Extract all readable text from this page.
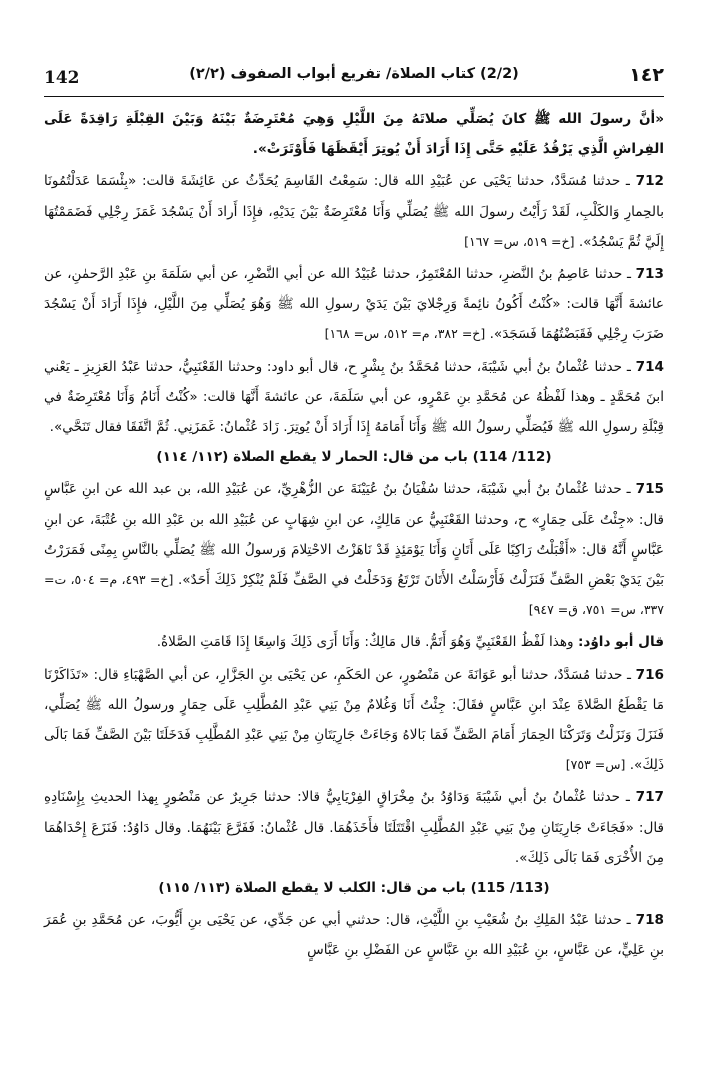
142	(2/2) كتاب الصلاة/ تفريع أبواب الصفوف (٢/٢)	١٤٢

«أنَّ رسولَ الله ﷺ كانَ يُصَلِّي صلاتَهُ مِنَ اللَّيْلِ وَهِيَ مُعْتَرِضَةٌ بَيْنَهُ وَبَيْنَ القِبْلَةِ رَاقِدَةً عَلَى الفِراشِ الَّذِي يَرْقُدُ عَلَيْهِ حَتَّى إِذَا أَرَادَ أَنْ يُوتِرَ أَيْقَظَهَا فَأَوْتَرَتْ».

712 ـ حدثنا مُسَدَّدٌ، حدثنا يَحْيَى عن عُبَيْدِ الله قال: سَمِعْتُ القَاسِمَ يُحَدِّثُ عن عَائِشَةَ قالت: «بِئْسَمَا عَدَلْتُمُونَا بالحِمارِ وَالكَلْبِ، لَقَدْ رَأَيْتُ رسولَ الله ﷺ يُصَلِّي وَأَنَا مُعْتَرِضَةٌ بَيْنَ يَدَيْهِ، فإِذَا أَرادَ أَنْ يَسْجُدَ غَمَزَ رِجْلِي فَضَمَمْتُهَا إِلَيَّ ثُمَّ يَسْجُدُ». [خ= ٥١٩، س= ١٦٧]

713 ـ حدثنا عَاصِمُ بنُ النَّضرِ، حدثنا المُعْتَمِرُ، حدثنا عُبَيْدُ الله عن أبي النَّضْرِ، عن أبي سَلَمَةَ بنِ عَبْدِ الرَّحمٰنِ، عن عائشةَ أَنَّهَا قالت: «كُنْتُ أَكُونُ نائِمةً وَرِجْلايَ بَيْنَ يَدَيْ رسولِ الله ﷺ وَهُوَ يُصَلِّي مِنَ اللَّيْلِ، فإِذَا أَرَادَ أَنْ يَسْجُدَ ضَرَبَ رِجْلِي فَقَبَضْتُهُمَا فَسَجَدَ». [خ= ٣٨٢، م= ٥١٢، س= ١٦٨]

714 ـ حدثنا عُثْمانُ بنُ أبي شَيْبَةَ، حدثنا مُحَمَّدُ بنُ بِشْرٍ ح، قال أبو داود: وحدثنا القَعْنَبِيُّ، حدثنا عَبْدُ العَزِيزِ ـ يَعْني ابنَ مُحَمَّدٍ ـ وهذا لَفْظُهُ عن مُحَمَّدِ بنِ عَمْرٍو، عن أبي سَلَمَةَ، عن عائشةَ أَنَّهَا قالت: «كُنْتُ أَنَامُ وَأَنَا مُعْتَرِضَةٌ في قِبْلَةِ رسولِ الله ﷺ فَيُصَلِّي رسولُ الله ﷺ وَأَنَا أَمَامَهُ إِذَا أَرَادَ أَنْ يُوتِرَ. زَادَ عُثْمانُ: غَمَزَنِي. ثُمَّ اتَّفَقَا فقال تَنَحَّي».

(112/ 114) باب من قال: الحمار لا يقطع الصلاة (١١٢/ ١١٤)

715 ـ حدثنا عُثْمانُ بنُ أبي شَيْبَةَ، حدثنا سُفْيَانُ بنُ عُيَيْنَةَ عن الزُّهْرِيِّ، عن عُبَيْدِ الله، بن عبد الله عن ابنِ عَبَّاسٍ قال: «جِئْتُ عَلَى حِمَارٍ» ح، وحدثنا القَعْنَبِيُّ عن مَالِكٍ، عن ابنِ شِهَابٍ عن عُبَيْدِ الله بن عَبْدِ الله بنِ عُتْبَةَ، عن ابنِ عَبَّاسٍ أَنَّهُ قال: «أَقْبَلْتُ رَاكِبًا عَلَى أَتَانٍ وَأَنَا يَوْمَئِذٍ قَدْ نَاهَزْتُ الاحْتِلامَ وَرسولُ الله ﷺ يُصَلِّي بالنَّاسِ بِمِنًى فَمَرَرْتُ بَيْنَ يَدَيْ بَعْضِ الصَّفِّ فَنَزَلْتُ فَأَرْسَلْتُ الأَتَانَ تَرْتَعُ وَدَخَلْتُ في الصَّفِّ فَلَمْ يُنْكِرْ ذَلِكَ أَحَدٌ». [خ= ٤٩٣، م= ٥٠٤، ت= ٣٣٧، س= ٧٥١، ق= ٩٤٧]

قال أبو داوُد: وهذا لَفْظُ القَعْنَبِيِّ وَهُوَ أَتَمُّ. قال مَالِكٌ: وَأَنَا أَرَى ذَلِكَ وَاسِعًا إِذَا قَامَتِ الصَّلاةُ.

716 ـ حدثنا مُسَدَّدٌ، حدثنا أبو عَوَانَةَ عن مَنْصُورٍ، عن الحَكَمِ، عن يَحْيَى بنِ الجَزَّارِ، عن أبي الصَّهْبَاءِ قال: «تَذَاكَرْنَا مَا يَقْطَعُ الصَّلاةَ عِنْدَ ابنِ عَبَّاسٍ فقَالَ: جِئْتُ أَنَا وَغُلامٌ مِنْ بَنِي عَبْدِ المُطَّلِبِ عَلَى حِمَارٍ ورسولُ الله ﷺ يُصَلِّي، فَنَزَلَ وَنَزَلْتُ وَتَرَكْنَا الحِمَارَ أَمَامَ الصَّفِّ فَمَا بَالاهُ وَجَاءَتْ جَارِيَتَانِ مِنْ بَنِي عَبْدِ المُطَّلِبِ فَدَخَلَتَا بَيْنَ الصَّفِّ فَمَا بَالَى ذَلِكَ». [س= ٧٥٣]

717 ـ حدثنا عُثْمانُ بنُ أبي شَيْبَةَ وَدَاوُدُ بنُ مِخْرَاقٍ الفِرْيَابِيُّ قالا: حدثنا جَرِيرٌ عن مَنْصُورٍ بِهذا الحديثِ بِإِسْنَادِهِ قال: «فَجَاءَتْ جَارِيَتَانِ مِنْ بَنِي عَبْدِ المُطَّلِبِ اقْتَتَلَتَا فأَخَذَهُمَا. قال عُثْمانُ: فَفَرَّعَ بَيْنَهُمَا. وقال دَاوُدُ: فَنَزَعَ إِحْدَاهُمَا مِنَ الأُخْرَى فَمَا بَالَى ذَلِكَ».

(113/ 115) باب من قال: الكلب لا يقطع الصلاة (١١٣/ ١١٥)

718 ـ حدثنا عَبْدُ المَلِكِ بنُ شُعَيْبِ بنِ اللَّيْثِ، قال: حدثني أبي عن جَدِّي، عن يَحْيَى بنِ أَيُّوبَ، عن مُحَمَّدِ بنِ عُمَرَ بنِ عَلِيٍّ، عن عَبَّاسٍ، بنِ عُبَيْدِ الله بنِ عَبَّاسٍ عن الفَضْلِ بنِ عَبَّاسٍ
